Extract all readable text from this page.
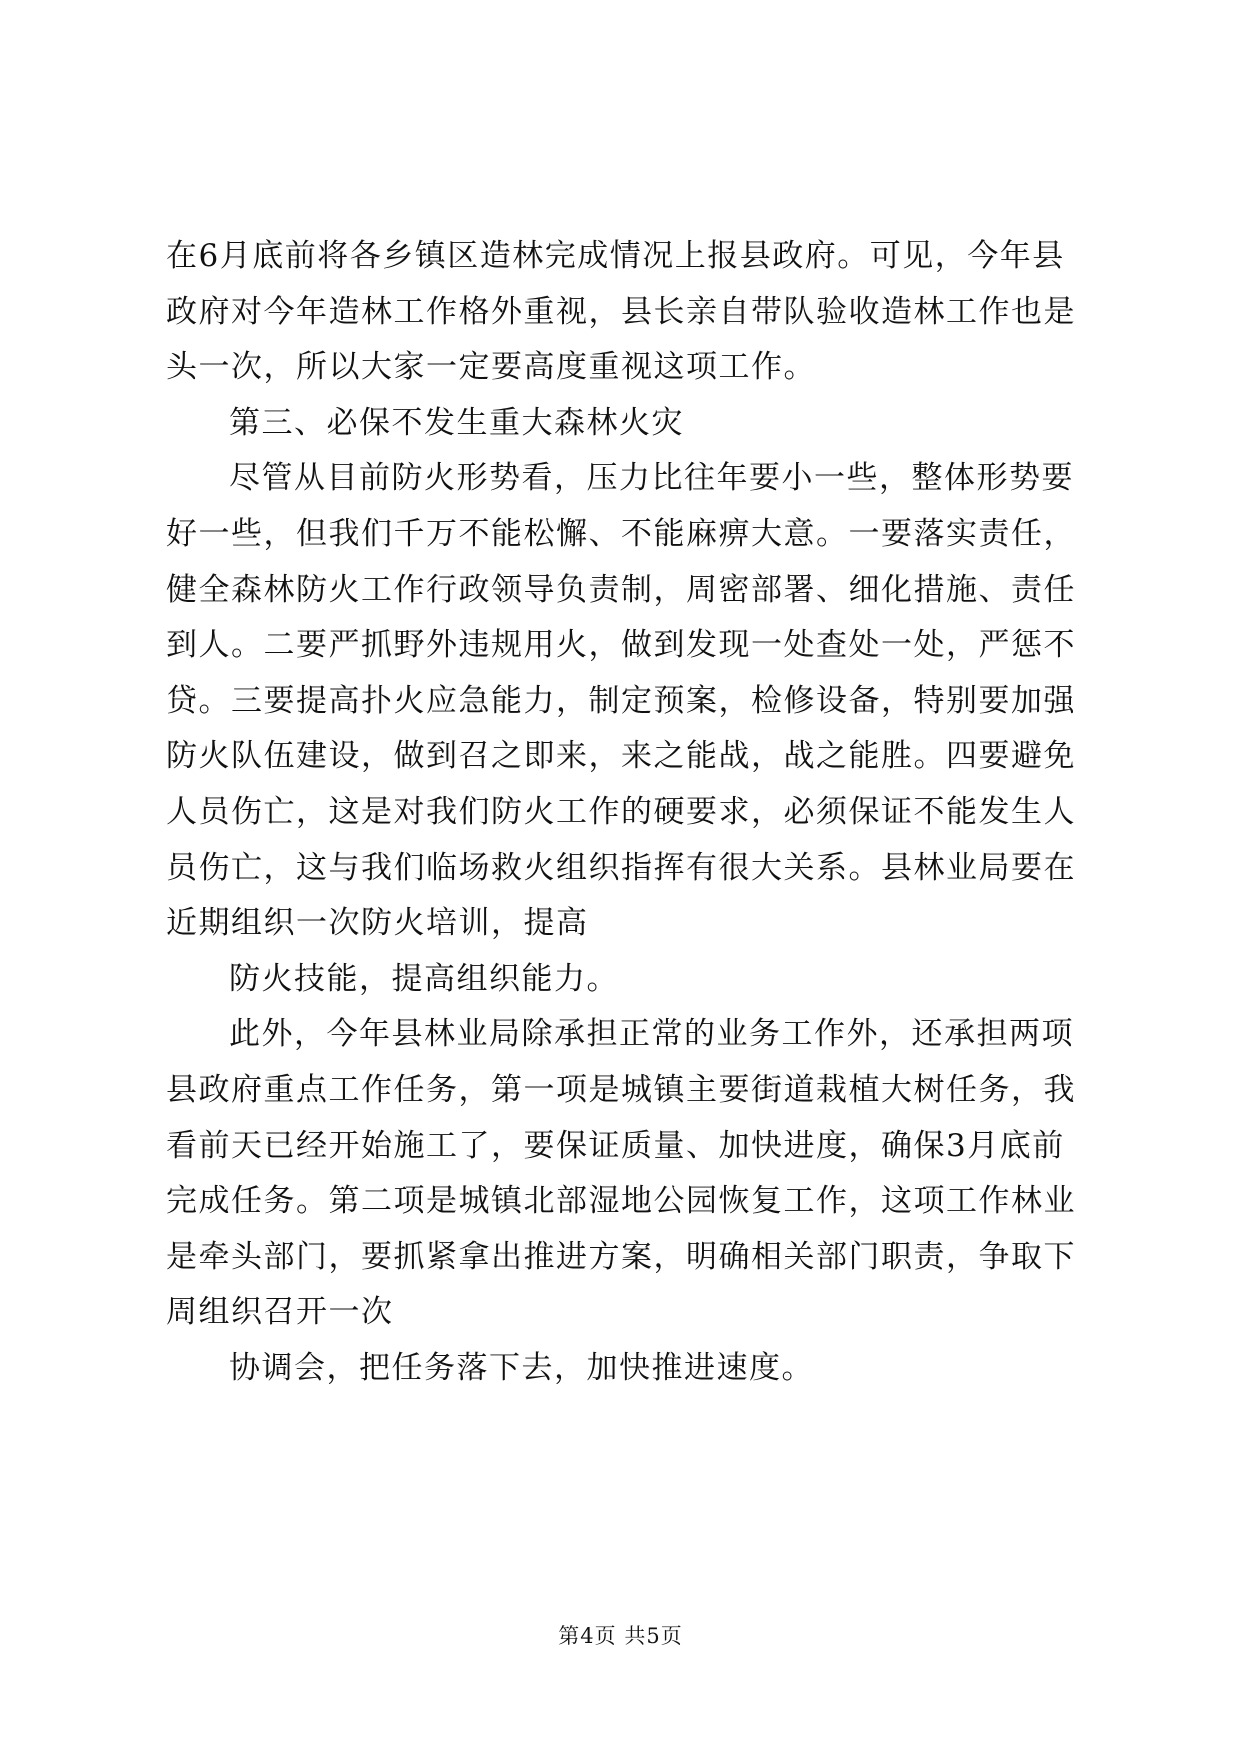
在6月底前将各乡镇区造林完成情况上报县政府。可见，今年县
政府对今年造林工作格外重视，县长亲自带队验收造林工作也是
头一次，所以大家一定要高度重视这项工作。
第三、必保不发生重大森林火灾
尽管从目前防火形势看，压力比往年要小一些，整体形势要
好一些，但我们千万不能松懈、不能麻痹大意。一要落实责任，
健全森林防火工作行政领导负责制，周密部署、细化措施、责任
到人。二要严抓野外违规用火，做到发现一处查处一处，严惩不
贷。三要提高扑火应急能力，制定预案，检修设备，特别要加强
防火队伍建设，做到召之即来，来之能战，战之能胜。四要避免
人员伤亡，这是对我们防火工作的硬要求，必须保证不能发生人
员伤亡，这与我们临场救火组织指挥有很大关系。县林业局要在
近期组织一次防火培训，提高
防火技能，提高组织能力。
此外，今年县林业局除承担正常的业务工作外，还承担两项
县政府重点工作任务，第一项是城镇主要街道栽植大树任务，我
看前天已经开始施工了，要保证质量、加快进度，确保3月底前
完成任务。第二项是城镇北部湿地公园恢复工作，这项工作林业
是牵头部门，要抓紧拿出推进方案，明确相关部门职责，争取下
周组织召开一次
协调会，把任务落下去，加快推进速度。
第4页 共5页
